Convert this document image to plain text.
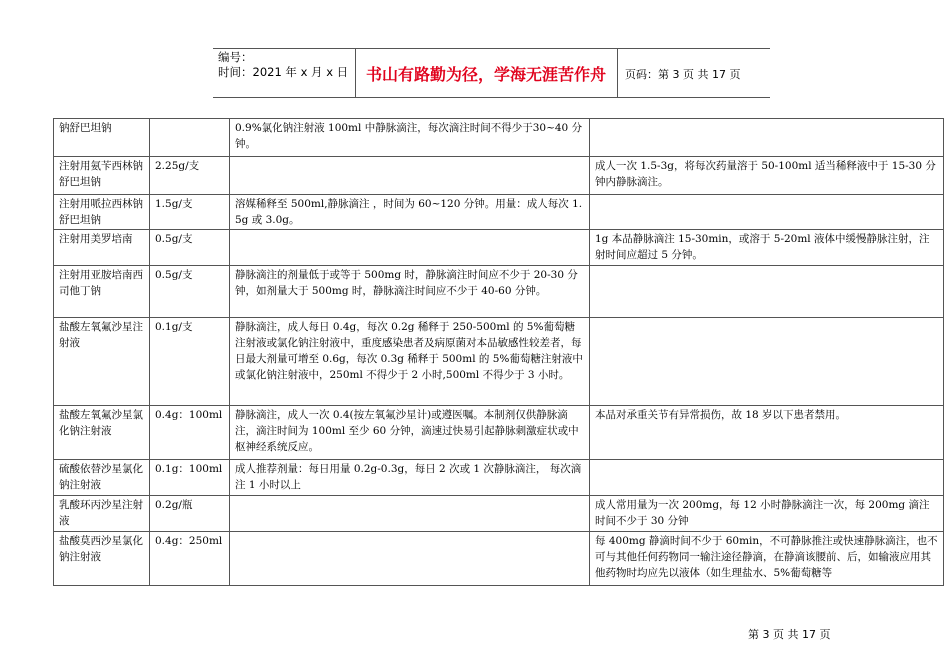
编号：
时间：2021 年 x 月 x 日	书山有路勤为径，学海无涯苦作舟	页码：第 3 页 共 17 页
钠舒巴坦钠		0.9%氯化钠注射液 100ml 中静脉滴注，每次滴注时间不得少于30~40 分钟。	
注射用氨苄西林钠舒巴坦钠	2.25g/支		成人一次 1.5-3g，将每次药量溶于 50-100ml 适当稀释液中于 15-30 分钟内静脉滴注。
注射用哌拉西林钠舒巴坦钠	1.5g/支	溶媒稀释至 500ml,静脉滴注 ，时间为 60~120 分钟。用量：成人每次 1.5g 或 3.0g。	
注射用美罗培南	0.5g/支		1g 本品静脉滴注 15-30min，或溶于 5-20ml 液体中缓慢静脉注射，注射时间应超过 5 分钟。
注射用亚胺培南西司他丁钠	0.5g/支	静脉滴注的剂量低于或等于 500mg 时，静脉滴注时间应不少于 20-30 分钟，如剂量大于 500mg 时，静脉滴注时间应不少于 40-60 分钟。	
盐酸左氧氟沙星注射液	0.1g/支	静脉滴注，成人每日 0.4g，每次 0.2g 稀释于 250-500ml 的 5%葡萄糖注射液或氯化钠注射液中，重度感染患者及病原菌对本品敏感性较差者，每日最大剂量可增至 0.6g，每次 0.3g 稀释于 500ml 的 5%葡萄糖注射液中或氯化钠注射液中，250ml 不得少于 2 小时,500ml 不得少于 3 小时。	
盐酸左氧氟沙星氯化钠注射液	0.4g：100ml	静脉滴注，成人一次 0.4(按左氧氟沙星计)或遵医嘱。本制剂仅供静脉滴注，滴注时间为 100ml 至少 60 分钟，滴速过快易引起静脉刺激症状或中枢神经系统反应。	本品对承重关节有异常损伤，故 18 岁以下患者禁用。
硫酸依替沙星氯化钠注射液	0.1g：100ml	成人推荐剂量：每日用量 0.2g-0.3g，每日 2 次或 1 次静脉滴注， 每次滴注 1 小时以上	
乳酸环丙沙星注射液	0.2g/瓶		成人常用量为一次 200mg，每 12 小时静脉滴注一次，每 200mg 滴注时间不少于 30 分钟
盐酸莫西沙星氯化钠注射液	0.4g：250ml		每 400mg 静滴时间不少于 60min，不可静脉推注或快速静脉滴注，也不可与其他任何药物同一输注途径静滴，在静滴该腰前、后，如输液应用其他药物时均应先以液体（如生理盐水、5%葡萄糖等
第 3 页 共 17 页
